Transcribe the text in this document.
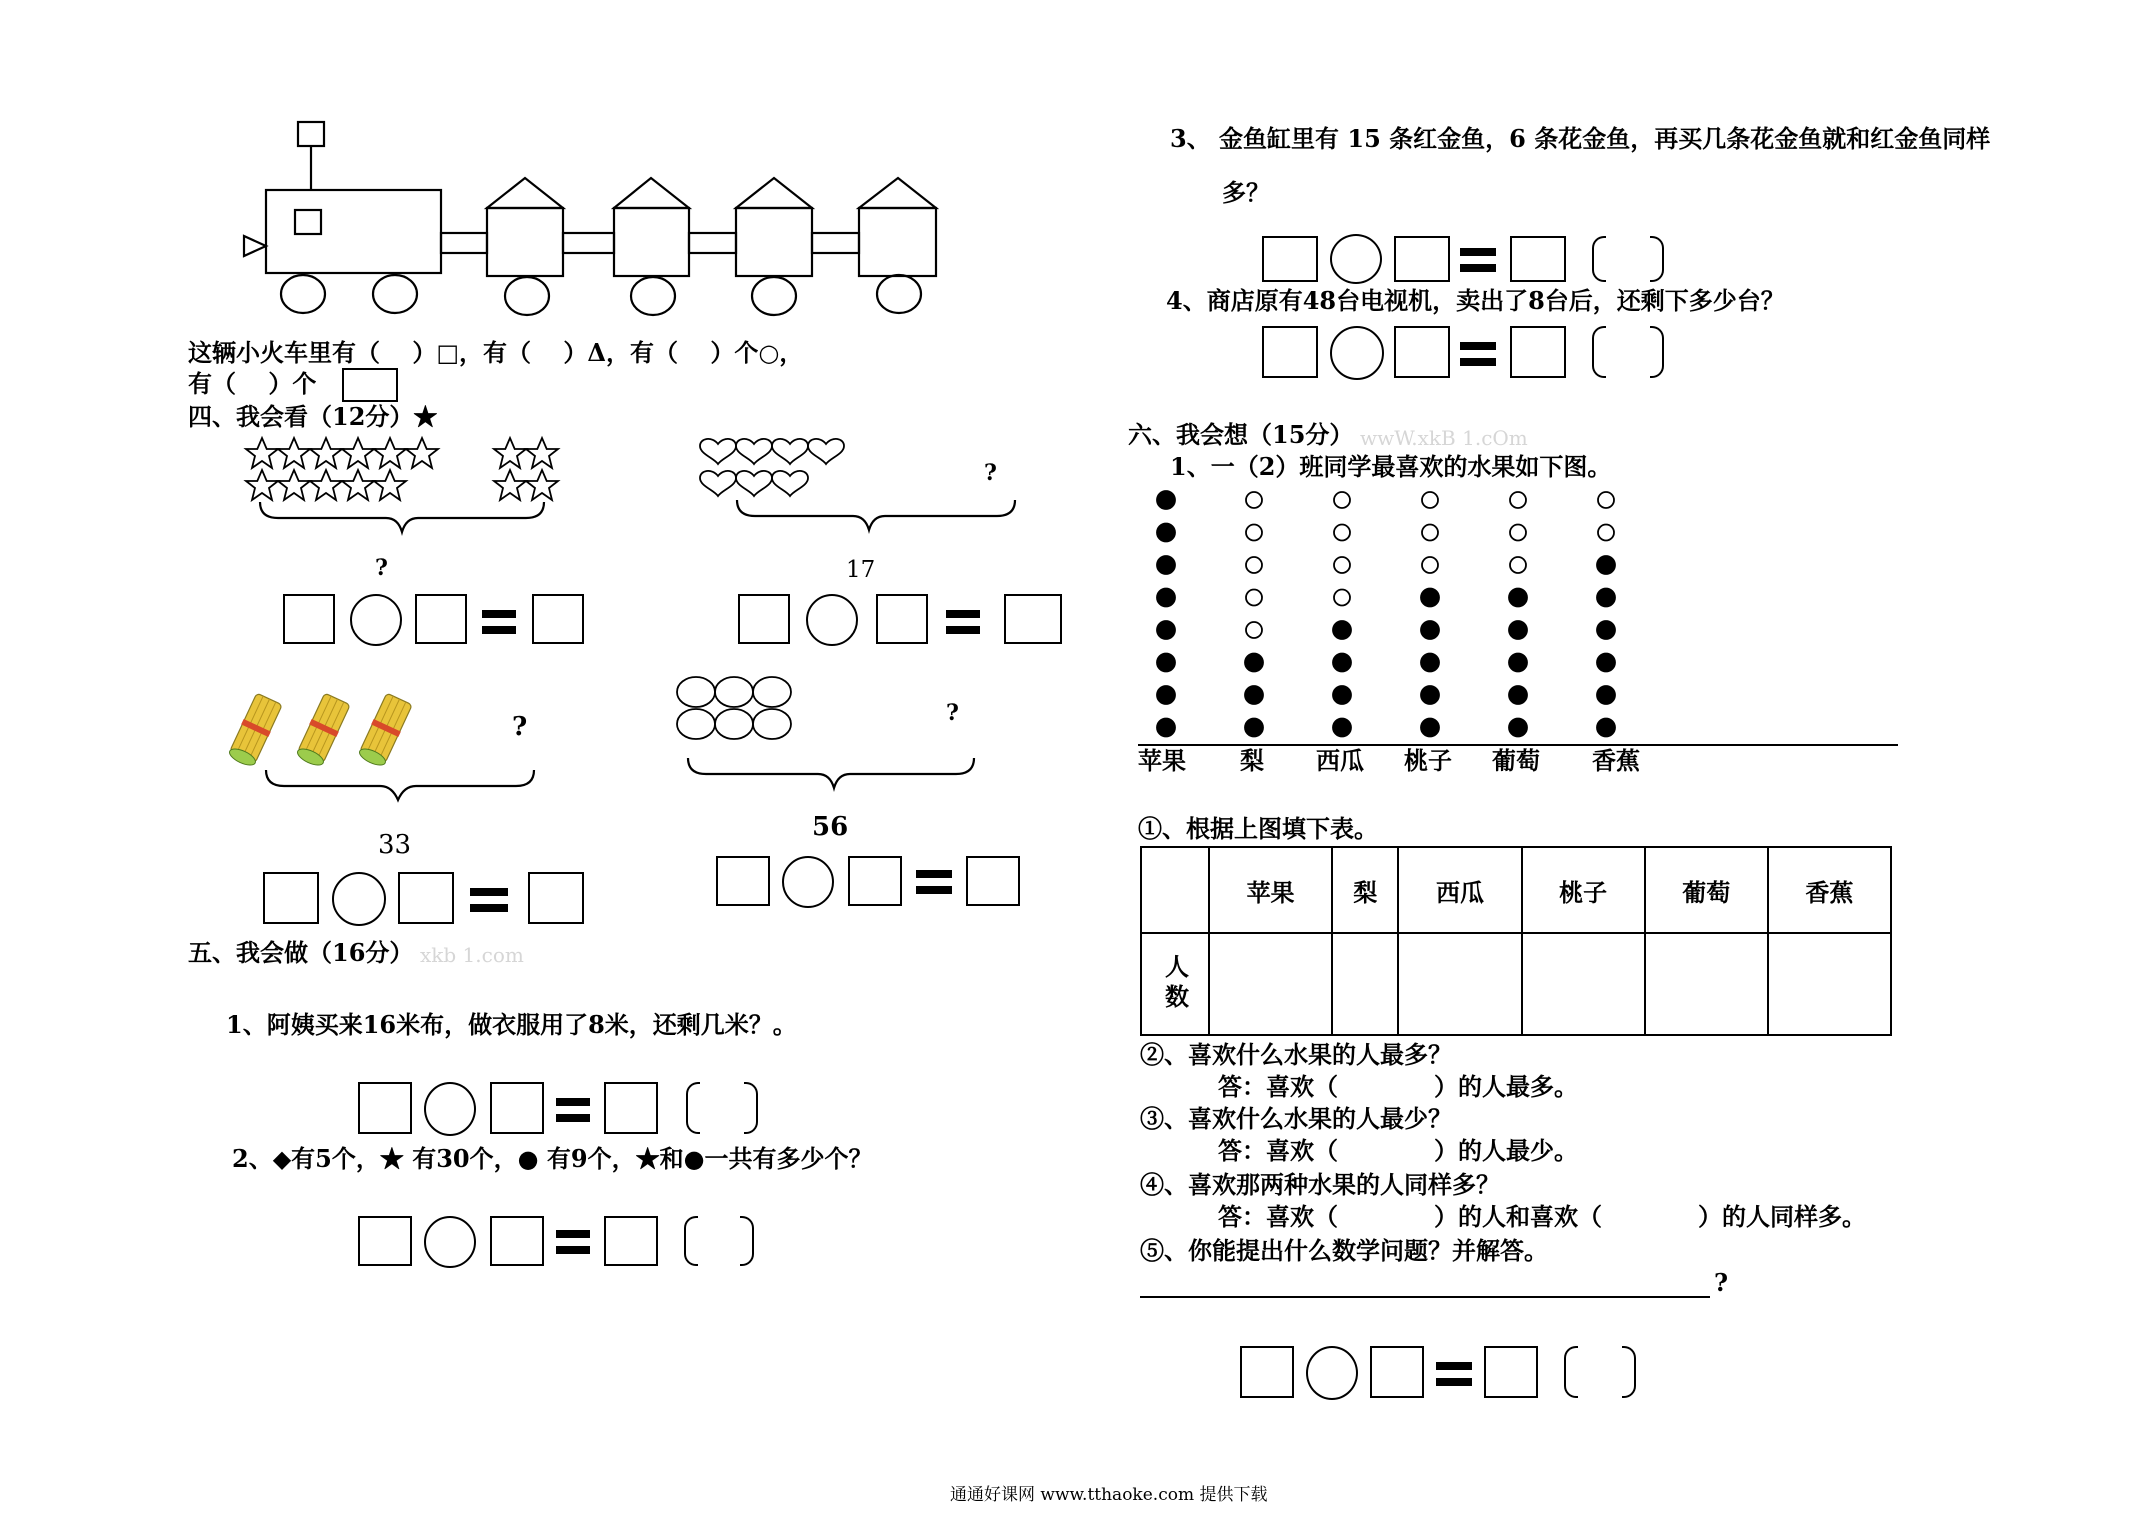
这辆小火车里有（　 ）□，有（　 ）Δ，有（　 ）个○，
有（　 ）个
四、我会看（12分）★
?
?
17
?
33
?
56
五、我会做（16分） xkb 1.com
1、阿姨买来16米布，做衣服用了8米，还剩几米？。
2、◆有5个，★ 有30个，● 有9个，★和●一共有多少个？
3、 金鱼缸里有 15 条红金鱼，6 条花金鱼，再买几条花金鱼就和红金鱼同样
多？
4、商店原有48台电视机，卖出了8台后，还剩下多少台？
六、我会想（15分） wwW.xkB 1.cOm
1、一（2）班同学最喜欢的水果如下图。
苹果 梨 西瓜 桃子 葡萄 香蕉
①、根据上图填下表。
	苹果	梨	西瓜	桃子	葡萄	香蕉
人数						
②、喜欢什么水果的人最多？
答：喜欢（　　　　）的人最多。
③、喜欢什么水果的人最少？
答：喜欢（　　　　）的人最少。
④、喜欢那两种水果的人同样多？
答：喜欢（　　　　）的人和喜欢（　　　　）的人同样多。
⑤、你能提出什么数学问题？并解答。
?
通通好课网 www.tthaoke.com 提供下载
